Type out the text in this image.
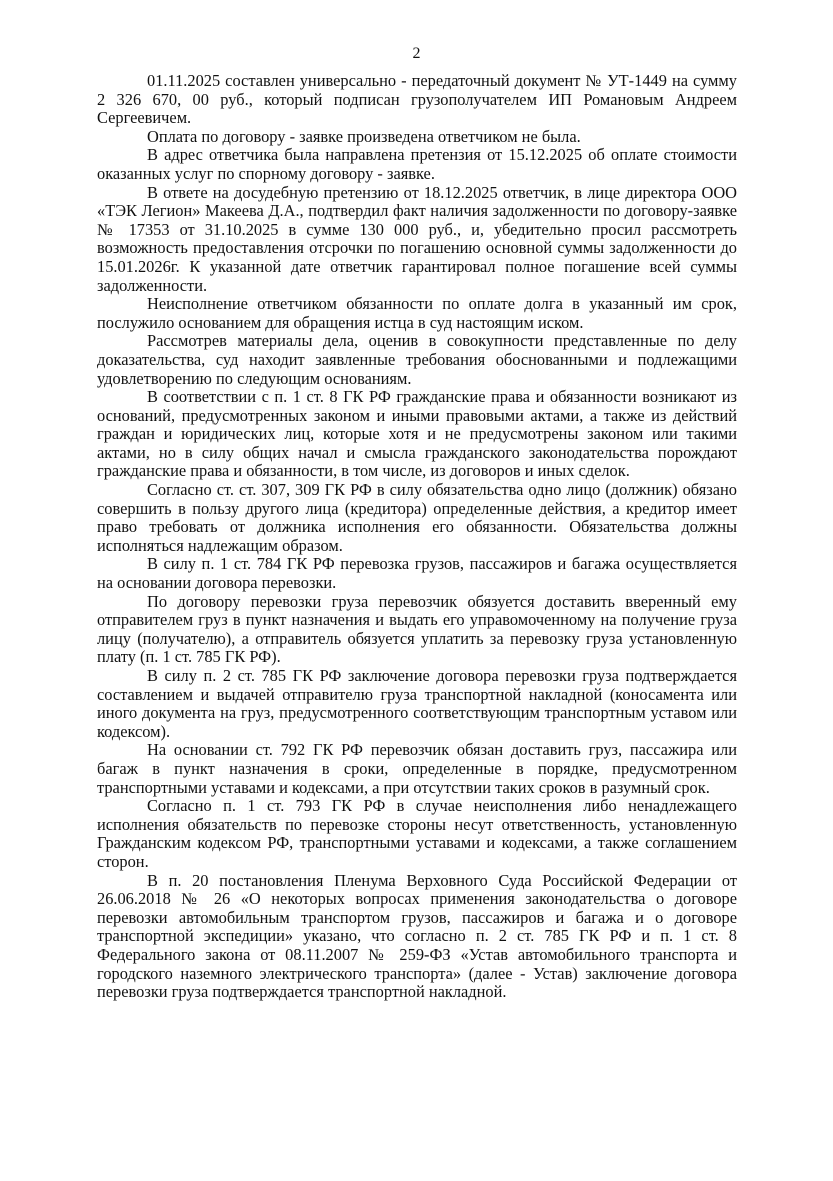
2

01.11.2025 составлен универсально - передаточный документ № УТ-1449 на сумму 2 326 670, 00 руб., который подписан грузополучателем ИП Романовым Андреем Сергеевичем.

Оплата по договору - заявке произведена ответчиком не была.

В адрес ответчика была направлена претензия от 15.12.2025 об оплате стоимости оказанных услуг по спорному договору - заявке.

В ответе на досудебную претензию от 18.12.2025 ответчик, в лице директора ООО «ТЭК Легион» Макеева Д.А., подтвердил факт наличия задолженности по договору-заявке № 17353 от 31.10.2025 в сумме 130 000 руб., и, убедительно просил рассмотреть возможность предоставления отсрочки по погашению основной суммы задолженности до 15.01.2026г. К указанной дате ответчик гарантировал полное погашение всей суммы задолженности.

Неисполнение ответчиком обязанности по оплате долга в указанный им срок, послужило основанием для обращения истца в суд настоящим иском.

Рассмотрев материалы дела, оценив в совокупности представленные по делу доказательства, суд находит заявленные требования обоснованными и подлежащими удовлетворению по следующим основаниям.

В соответствии с п. 1 ст. 8 ГК РФ гражданские права и обязанности возникают из оснований, предусмотренных законом и иными правовыми актами, а также из действий граждан и юридических лиц, которые хотя и не предусмотрены законом или такими актами, но в силу общих начал и смысла гражданского законодательства порождают гражданские права и обязанности, в том числе, из договоров и иных сделок.

Согласно ст. ст. 307, 309 ГК РФ в силу обязательства одно лицо (должник) обязано совершить в пользу другого лица (кредитора) определенные действия, а кредитор имеет право требовать от должника исполнения его обязанности. Обязательства должны исполняться надлежащим образом.

В силу п. 1 ст. 784 ГК РФ перевозка грузов, пассажиров и багажа осуществляется на основании договора перевозки.

По договору перевозки груза перевозчик обязуется доставить вверенный ему отправителем груз в пункт назначения и выдать его управомоченному на получение груза лицу (получателю), а отправитель обязуется уплатить за перевозку груза установленную плату (п. 1 ст. 785 ГК РФ).

В силу п. 2 ст. 785 ГК РФ заключение договора перевозки груза подтверждается составлением и выдачей отправителю груза транспортной накладной (коносамента или иного документа на груз, предусмотренного соответствующим транспортным уставом или кодексом).

На основании ст. 792 ГК РФ перевозчик обязан доставить груз, пассажира или багаж в пункт назначения в сроки, определенные в порядке, предусмотренном транспортными уставами и кодексами, а при отсутствии таких сроков в разумный срок.

Согласно п. 1 ст. 793 ГК РФ в случае неисполнения либо ненадлежащего исполнения обязательств по перевозке стороны несут ответственность, установленную Гражданским кодексом РФ, транспортными уставами и кодексами, а также соглашением сторон.

В п. 20 постановления Пленума Верховного Суда Российской Федерации от 26.06.2018 № 26 «О некоторых вопросах применения законодательства о договоре перевозки автомобильным транспортом грузов, пассажиров и багажа и о договоре транспортной экспедиции» указано, что согласно п. 2 ст. 785 ГК РФ и п. 1 ст. 8 Федерального закона от 08.11.2007 № 259-ФЗ «Устав автомобильного транспорта и городского наземного электрического транспорта» (далее - Устав) заключение договора перевозки груза подтверждается транспортной накладной.
